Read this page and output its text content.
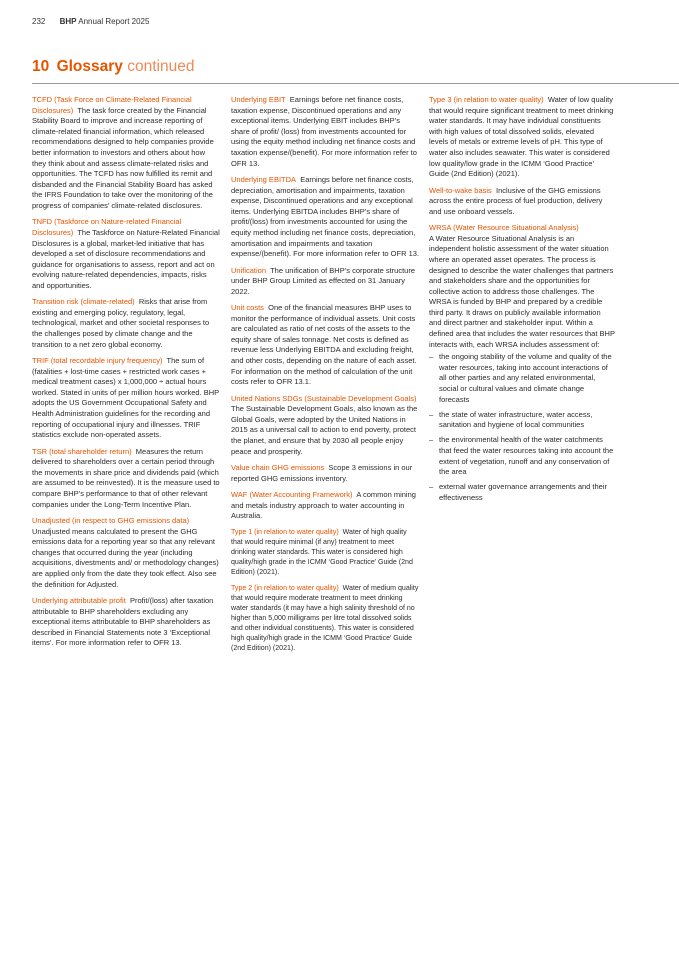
232 BHP Annual Report 2025
10 Glossary continued
TCFD (Task Force on Climate-Related Financial Disclosures) The task force created by the Financial Stability Board to improve and increase reporting of climate-related financial information, which released recommendations designed to help companies provide better information to investors and others about how they think about and assess climate-related risks and opportunities. The TCFD has now fulfilled its remit and disbanded and the Financial Stability Board has asked the IFRS Foundation to take over the monitoring of the progress of companies’ climate-related disclosures.
TNFD (Taskforce on Nature-related Financial Disclosures) The Taskforce on Nature-Related Financial Disclosures is a global, market-led initiative that has developed a set of disclosure recommendations and guidance for organisations to assess, report and act on evolving nature-related dependencies, impacts, risks and opportunities.
Transition risk (climate-related) Risks that arise from existing and emerging policy, regulatory, legal, technological, market and other societal responses to the challenges posed by climate change and the transition to a net zero global economy.
TRIF (total recordable injury frequency) The sum of (fatalities + lost-time cases + restricted work cases + medical treatment cases) x 1,000,000 ÷ actual hours worked. Stated in units of per million hours worked. BHP adopts the US Government Occupational Safety and Health Administration guidelines for the recording and reporting of occupational injury and illnesses. TRIF statistics exclude non-operated assets.
TSR (total shareholder return) Measures the return delivered to shareholders over a certain period through the movements in share price and dividends paid (which are assumed to be reinvested). It is the measure used to compare BHP’s performance to that of other relevant companies under the Long-Term Incentive Plan.
Unadjusted (in respect to GHG emissions data)  Unadjusted means calculated to present the GHG emissions data for a reporting year so that any relevant changes that occurred during the year (including acquisitions, divestments and/ or methodology changes) are applied only from the date they took effect. Also see the definition for Adjusted.
Underlying attributable profit Profit/(loss) after taxation attributable to BHP shareholders excluding any exceptional items attributable to BHP shareholders as described in Financial Statements note 3 ‘Exceptional items’. For more information refer to OFR 13.
Underlying EBIT Earnings before net finance costs, taxation expense, Discontinued operations and any exceptional items. Underlying EBIT includes BHP’s share of profit/ (loss) from investments accounted for using the equity method including net finance costs and taxation expense/(benefit). For more information refer to OFR 13.
Underlying EBITDA Earnings before net finance costs, depreciation, amortisation and impairments, taxation expense, Discontinued operations and any exceptional items. Underlying EBITDA includes BHP’s share of profit/(loss) from investments accounted for using the equity method including net finance costs, depreciation, amortisation and impairments and taxation expense/(benefit). For more information refer to OFR 13.
Unification The unification of BHP’s corporate structure under BHP Group Limited as effected on 31 January 2022.
Unit costs One of the financial measures BHP uses to monitor the performance of individual assets. Unit costs are calculated as ratio of net costs of the assets to the equity share of sales tonnage. Net costs is defined as revenue less Underlying EBITDA and excluding freight, and other costs, depending on the nature of each asset. For information on the method of calculation of the unit costs refer to OFR 13.1.
United Nations SDGs (Sustainable Development Goals)  The Sustainable Development Goals, also known as the Global Goals, were adopted by the United Nations in 2015 as a universal call to action to end poverty, protect the planet, and ensure that by 2030 all people enjoy peace and prosperity.
Value chain GHG emissions Scope 3 emissions in our reported GHG emissions inventory.
WAF (Water Accounting Framework) A common mining and metals industry approach to water accounting in Australia.
Type 1 (in relation to water quality) Water of high quality that would require minimal (if any) treatment to meet drinking water standards. This water is considered high quality/high grade in the ICMM ‘Good Practice’ Guide (2nd Edition) (2021).
Type 2 (in relation to water quality) Water of medium quality that would require moderate treatment to meet drinking water standards (it may have a high salinity threshold of no higher than 5,000 milligrams per litre total dissolved solids and other individual constituents). This water is considered high quality/high grade in the ICMM ‘Good Practice’ Guide (2nd Edition) (2021).
Type 3 (in relation to water quality) Water of low quality that would require significant treatment to meet drinking water standards. It may have individual constituents with high values of total dissolved solids, elevated levels of metals or extreme levels of pH. This type of water also includes seawater. This water is considered low quality/low grade in the ICMM ‘Good Practice’ Guide (2nd Edition) (2021).
Well-to-wake basis Inclusive of the GHG emissions across the entire process of fuel production, delivery and use onboard vessels.
WRSA (Water Resource Situational Analysis)
A Water Resource Situational Analysis is an independent holistic assessment of the water situation where an operated asset operates. The process is designed to describe the water challenges that partners and stakeholders share and the opportunities for collective action to address those challenges. The WRSA is funded by BHP and prepared by a credible third party. It draws on publicly available information and direct partner and stakeholder input. Within a defined area that includes the water resources that BHP interacts with, each WRSA includes assessment of:
– the ongoing stability of the volume and quality of the water resources, taking into account interactions of all other parties and any related environmental, social or cultural values and climate change forecasts
– the state of water infrastructure, water access, sanitation and hygiene of local communities
– the environmental health of the water catchments that feed the water resources taking into account the extent of vegetation, runoff and any conservation of the area
– external water governance arrangements and their effectiveness
